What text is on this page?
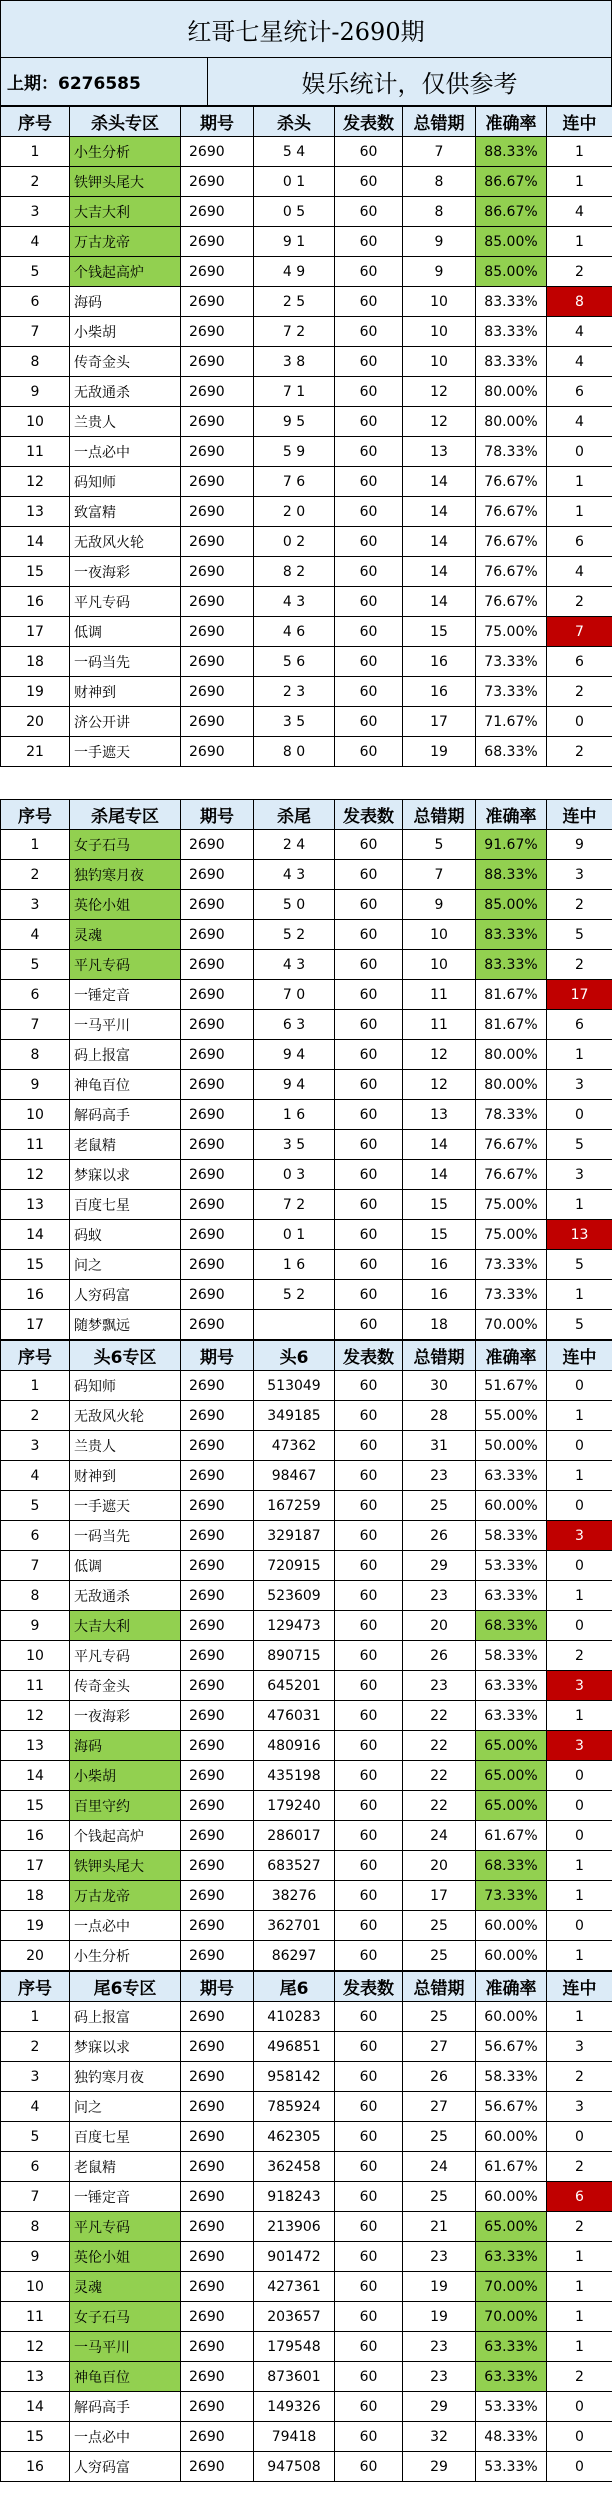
红哥七星统计-2690期
上期：6276585	娱乐统计，仅供参考
序号	杀头专区	期号	杀头	发表数	总错期	准确率	连中
1	小生分析	2690	5 4	60	7	88.33%	1
2	铁钾头尾大	2690	0 1	60	8	86.67%	1
3	大吉大利	2690	0 5	60	8	86.67%	4
4	万古龙帝	2690	9 1	60	9	85.00%	1
5	个钱起高炉	2690	4 9	60	9	85.00%	2
6	海码	2690	2 5	60	10	83.33%	8
7	小柴胡	2690	7 2	60	10	83.33%	4
8	传奇金头	2690	3 8	60	10	83.33%	4
9	无敌通杀	2690	7 1	60	12	80.00%	6
10	兰贵人	2690	9 5	60	12	80.00%	4
11	一点必中	2690	5 9	60	13	78.33%	0
12	码知师	2690	7 6	60	14	76.67%	1
13	致富精	2690	2 0	60	14	76.67%	1
14	无敌风火轮	2690	0 2	60	14	76.67%	6
15	一夜海彩	2690	8 2	60	14	76.67%	4
16	平凡专码	2690	4 3	60	14	76.67%	2
17	低调	2690	4 6	60	15	75.00%	7
18	一码当先	2690	5 6	60	16	73.33%	6
19	财神到	2690	2 3	60	16	73.33%	2
20	济公开讲	2690	3 5	60	17	71.67%	0
21	一手遮天	2690	8 0	60	19	68.33%	2
序号	杀尾专区	期号	杀尾	发表数	总错期	准确率	连中
1	女子石马	2690	2 4	60	5	91.67%	9
2	独钓寒月夜	2690	4 3	60	7	88.33%	3
3	英伦小姐	2690	5 0	60	9	85.00%	2
4	灵魂	2690	5 2	60	10	83.33%	5
5	平凡专码	2690	4 3	60	10	83.33%	2
6	一锤定音	2690	7 0	60	11	81.67%	17
7	一马平川	2690	6 3	60	11	81.67%	6
8	码上报富	2690	9 4	60	12	80.00%	1
9	神龟百位	2690	9 4	60	12	80.00%	3
10	解码高手	2690	1 6	60	13	78.33%	0
11	老鼠精	2690	3 5	60	14	76.67%	5
12	梦寐以求	2690	0 3	60	14	76.67%	3
13	百度七星	2690	7 2	60	15	75.00%	1
14	码蚁	2690	0 1	60	15	75.00%	13
15	问之	2690	1 6	60	16	73.33%	5
16	人穷码富	2690	5 2	60	16	73.33%	1
17	随梦飘远	2690		60	18	70.00%	5
序号	头6专区	期号	头6	发表数	总错期	准确率	连中
1	码知师	2690	513049	60	30	51.67%	0
2	无敌风火轮	2690	349185	60	28	55.00%	1
3	兰贵人	2690	47362	60	31	50.00%	0
4	财神到	2690	98467	60	23	63.33%	1
5	一手遮天	2690	167259	60	25	60.00%	0
6	一码当先	2690	329187	60	26	58.33%	3
7	低调	2690	720915	60	29	53.33%	0
8	无敌通杀	2690	523609	60	23	63.33%	1
9	大吉大利	2690	129473	60	20	68.33%	0
10	平凡专码	2690	890715	60	26	58.33%	2
11	传奇金头	2690	645201	60	23	63.33%	3
12	一夜海彩	2690	476031	60	22	63.33%	1
13	海码	2690	480916	60	22	65.00%	3
14	小柴胡	2690	435198	60	22	65.00%	0
15	百里守约	2690	179240	60	22	65.00%	0
16	个钱起高炉	2690	286017	60	24	61.67%	0
17	铁钾头尾大	2690	683527	60	20	68.33%	1
18	万古龙帝	2690	38276	60	17	73.33%	1
19	一点必中	2690	362701	60	25	60.00%	0
20	小生分析	2690	86297	60	25	60.00%	1
序号	尾6专区	期号	尾6	发表数	总错期	准确率	连中
1	码上报富	2690	410283	60	25	60.00%	1
2	梦寐以求	2690	496851	60	27	56.67%	3
3	独钓寒月夜	2690	958142	60	26	58.33%	2
4	问之	2690	785924	60	27	56.67%	3
5	百度七星	2690	462305	60	25	60.00%	0
6	老鼠精	2690	362458	60	24	61.67%	2
7	一锤定音	2690	918243	60	25	60.00%	6
8	平凡专码	2690	213906	60	21	65.00%	2
9	英伦小姐	2690	901472	60	23	63.33%	1
10	灵魂	2690	427361	60	19	70.00%	1
11	女子石马	2690	203657	60	19	70.00%	1
12	一马平川	2690	179548	60	23	63.33%	1
13	神龟百位	2690	873601	60	23	63.33%	2
14	解码高手	2690	149326	60	29	53.33%	0
15	一点必中	2690	79418	60	32	48.33%	0
16	人穷码富	2690	947508	60	29	53.33%	0
